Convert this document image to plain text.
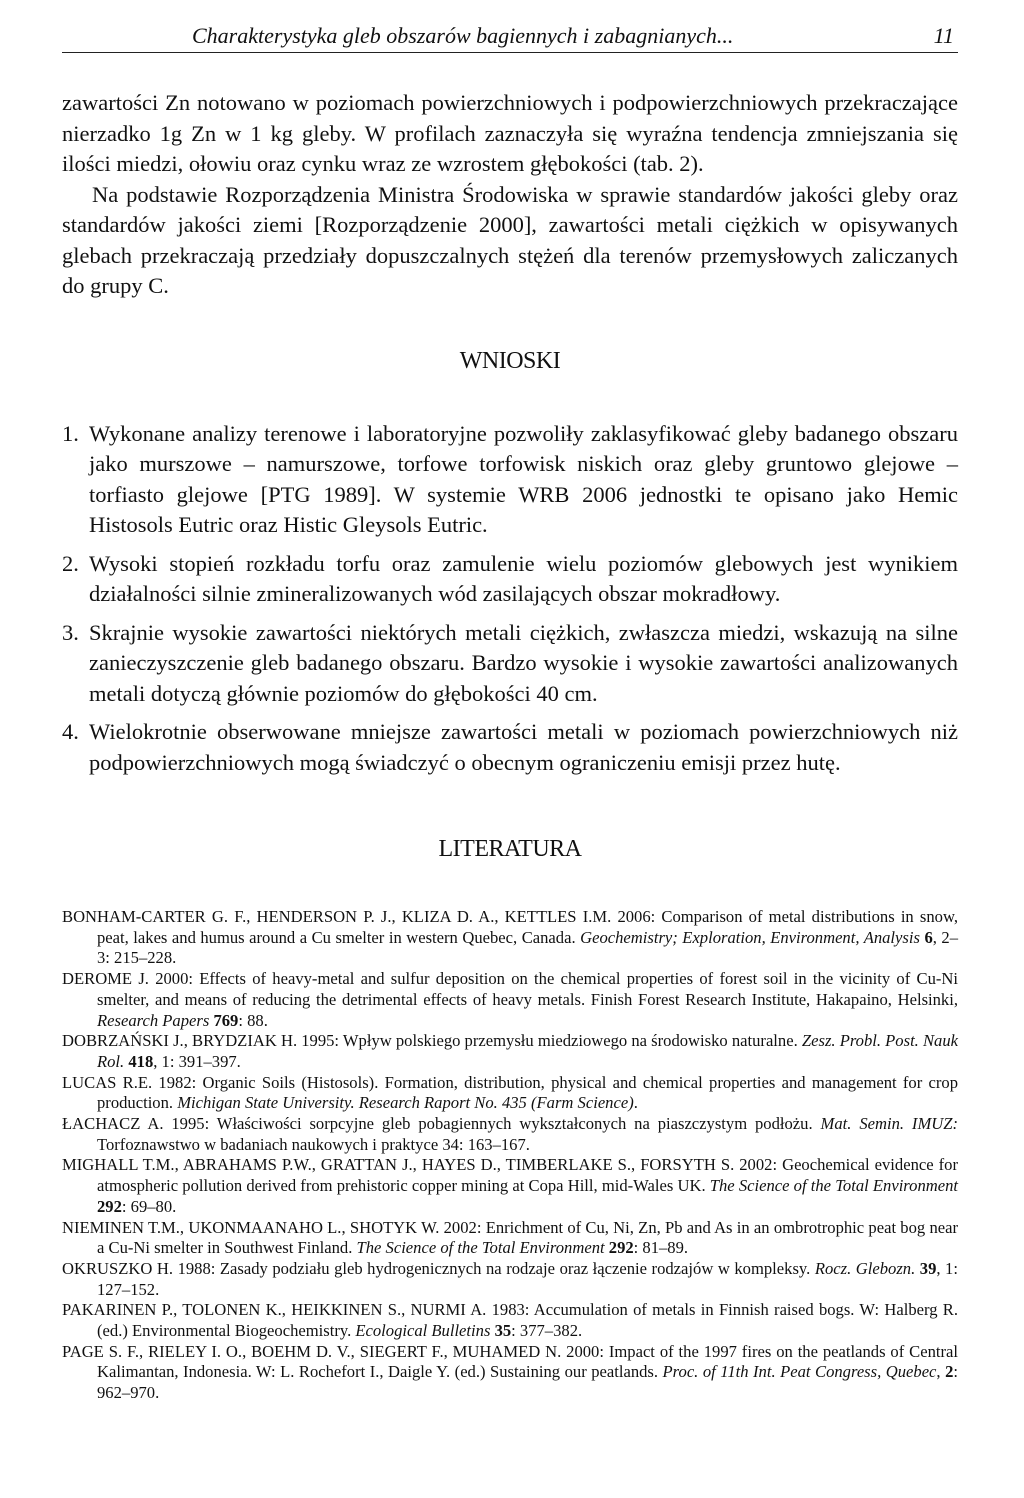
Charakterystyka gleb obszarów bagiennych i zabagnianych...	11

zawartości Zn notowano w poziomach powierzchniowych i podpowierzchniowych przekraczające nierzadko 1g Zn w 1 kg gleby. W profilach zaznaczyła się wyraźna tendencja zmniejszania się ilości miedzi, ołowiu oraz cynku wraz ze wzrostem głębokości (tab. 2).

Na podstawie Rozporządzenia Ministra Środowiska w sprawie standardów jakości gleby oraz standardów jakości ziemi [Rozporządzenie 2000], zawartości metali ciężkich w opisywanych glebach przekraczają przedziały dopuszczalnych stężeń dla terenów przemysłowych zaliczanych do grupy C.

WNIOSKI
1. Wykonane analizy terenowe i laboratoryjne pozwoliły zaklasyfikować gleby badanego obszaru jako murszowe – namurszowe, torfowe torfowisk niskich oraz gleby gruntowo glejowe – torfiasto glejowe [PTG 1989]. W systemie WRB 2006 jednostki te opisano jako Hemic Histosols Eutric oraz Histic Gleysols Eutric.
2. Wysoki stopień rozkładu torfu oraz zamulenie wielu poziomów glebowych jest wynikiem działalności silnie zmineralizowanych wód zasilających obszar mokradłowy.
3. Skrajnie wysokie zawartości niektórych metali ciężkich, zwłaszcza miedzi, wskazują na silne zanieczyszczenie gleb badanego obszaru. Bardzo wysokie i wysokie zawartości analizowanych metali dotyczą głównie poziomów do głębokości 40 cm.
4. Wielokrotnie obserwowane mniejsze zawartości metali w poziomach powierzchniowych niż podpowierzchniowych mogą świadczyć o obecnym ograniczeniu emisji przez hutę.
LITERATURA

BONHAM-CARTER G. F., HENDERSON P. J., KLIZA D. A., KETTLES I.M. 2006: Comparison of metal distributions in snow, peat, lakes and humus around a Cu smelter in western Quebec, Canada. Geochemistry; Exploration, Environment, Analysis 6, 2–3: 215–228.

DEROME J. 2000: Effects of heavy-metal and sulfur deposition on the chemical properties of forest soil in the vicinity of Cu-Ni smelter, and means of reducing the detrimental effects of heavy metals. Finish Forest Research Institute, Hakapaino, Helsinki, Research Papers 769: 88.

DOBRZAŃSKI J., BRYDZIAK H. 1995: Wpływ polskiego przemysłu miedziowego na środowisko naturalne. Zesz. Probl. Post. Nauk Rol. 418, 1: 391–397.

LUCAS R.E. 1982: Organic Soils (Histosols). Formation, distribution, physical and chemical properties and management for crop production. Michigan State University. Research Raport No. 435 (Farm Science).

ŁACHACZ A. 1995: Właściwości sorpcyjne gleb pobagiennych wykształconych na piaszczystym podłożu. Mat. Semin. IMUZ: Torfoznawstwo w badaniach naukowych i praktyce 34: 163–167.

MIGHALL T.M., ABRAHAMS P.W., GRATTAN J., HAYES D., TIMBERLAKE S., FORSYTH S. 2002: Geochemical evidence for atmospheric pollution derived from prehistoric copper mining at Copa Hill, mid-Wales UK. The Science of the Total Environment 292: 69–80.

NIEMINEN T.M., UKONMAANAHO L., SHOTYK W. 2002: Enrichment of Cu, Ni, Zn, Pb and As in an ombrotrophic peat bog near a Cu-Ni smelter in Southwest Finland. The Science of the Total Environment 292: 81–89.

OKRUSZKO H. 1988: Zasady podziału gleb hydrogenicznych na rodzaje oraz łączenie rodzajów w kompleksy. Rocz. Glebozn. 39, 1: 127–152.

PAKARINEN P., TOLONEN K., HEIKKINEN S., NURMI A. 1983: Accumulation of metals in Finnish raised bogs. W: Halberg R. (ed.) Environmental Biogeochemistry. Ecological Bulletins 35: 377–382.

PAGE S. F., RIELEY I. O., BOEHM D. V., SIEGERT F., MUHAMED N. 2000: Impact of the 1997 fires on the peatlands of Central Kalimantan, Indonesia. W: L. Rochefort I., Daigle Y. (ed.) Sustaining our peatlands. Proc. of 11th Int. Peat Congress, Quebec, 2: 962–970.
